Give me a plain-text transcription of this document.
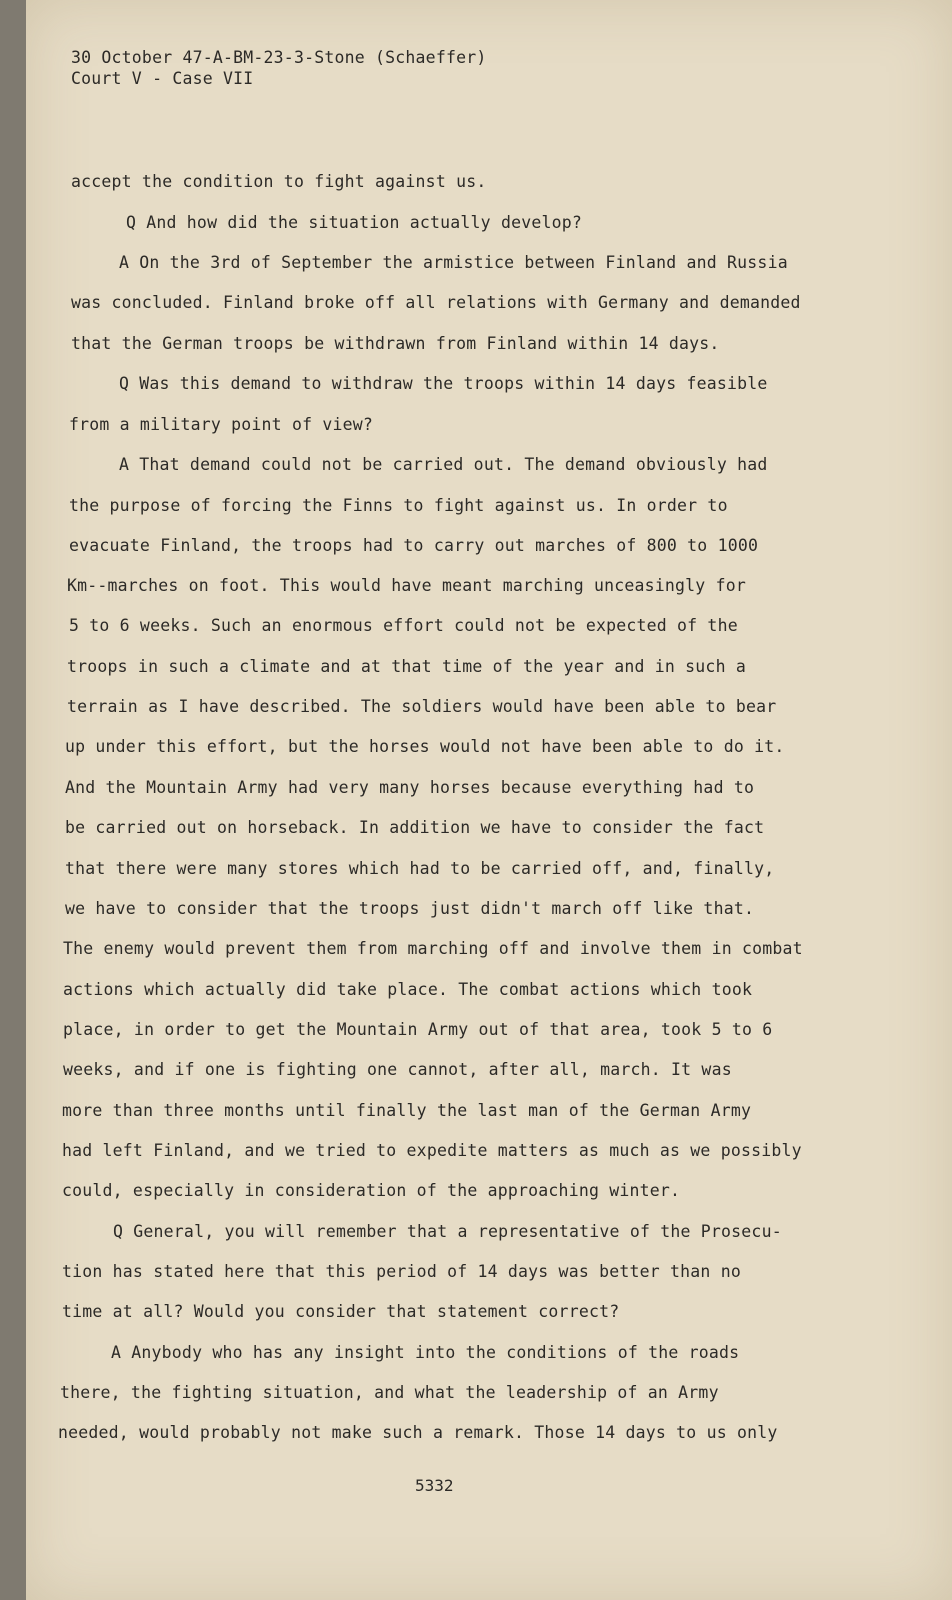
30 October 47-A-BM-23-3-Stone (Schaeffer)
Court V - Case VII
accept the condition to fight against us.
Q And how did the situation actually develop?
A On the 3rd of September the armistice between Finland and Russia
was concluded. Finland broke off all relations with Germany and demanded
that the German troops be withdrawn from Finland within 14 days.
Q Was this demand to withdraw the troops within 14 days feasible
from a military point of view?
A That demand could not be carried out. The demand obviously had
the purpose of forcing the Finns to fight against us. In order to
evacuate Finland, the troops had to carry out marches of 800 to 1000
Km--marches on foot. This would have meant marching unceasingly for
5 to 6 weeks. Such an enormous effort could not be expected of the
troops in such a climate and at that time of the year and in such a
terrain as I have described. The soldiers would have been able to bear
up under this effort, but the horses would not have been able to do it.
And the Mountain Army had very many horses because everything had to
be carried out on horseback. In addition we have to consider the fact
that there were many stores which had to be carried off, and, finally,
we have to consider that the troops just didn't march off like that.
The enemy would prevent them from marching off and involve them in combat
actions which actually did take place. The combat actions which took
place, in order to get the Mountain Army out of that area, took 5 to 6
weeks, and if one is fighting one cannot, after all, march. It was
more than three months until finally the last man of the German Army
had left Finland, and we tried to expedite matters as much as we possibly
could, especially in consideration of the approaching winter.
Q General, you will remember that a representative of the Prosecu-
tion has stated here that this period of 14 days was better than no
time at all? Would you consider that statement correct?
A Anybody who has any insight into the conditions of the roads
there, the fighting situation, and what the leadership of an Army
needed, would probably not make such a remark. Those 14 days to us only
5332
